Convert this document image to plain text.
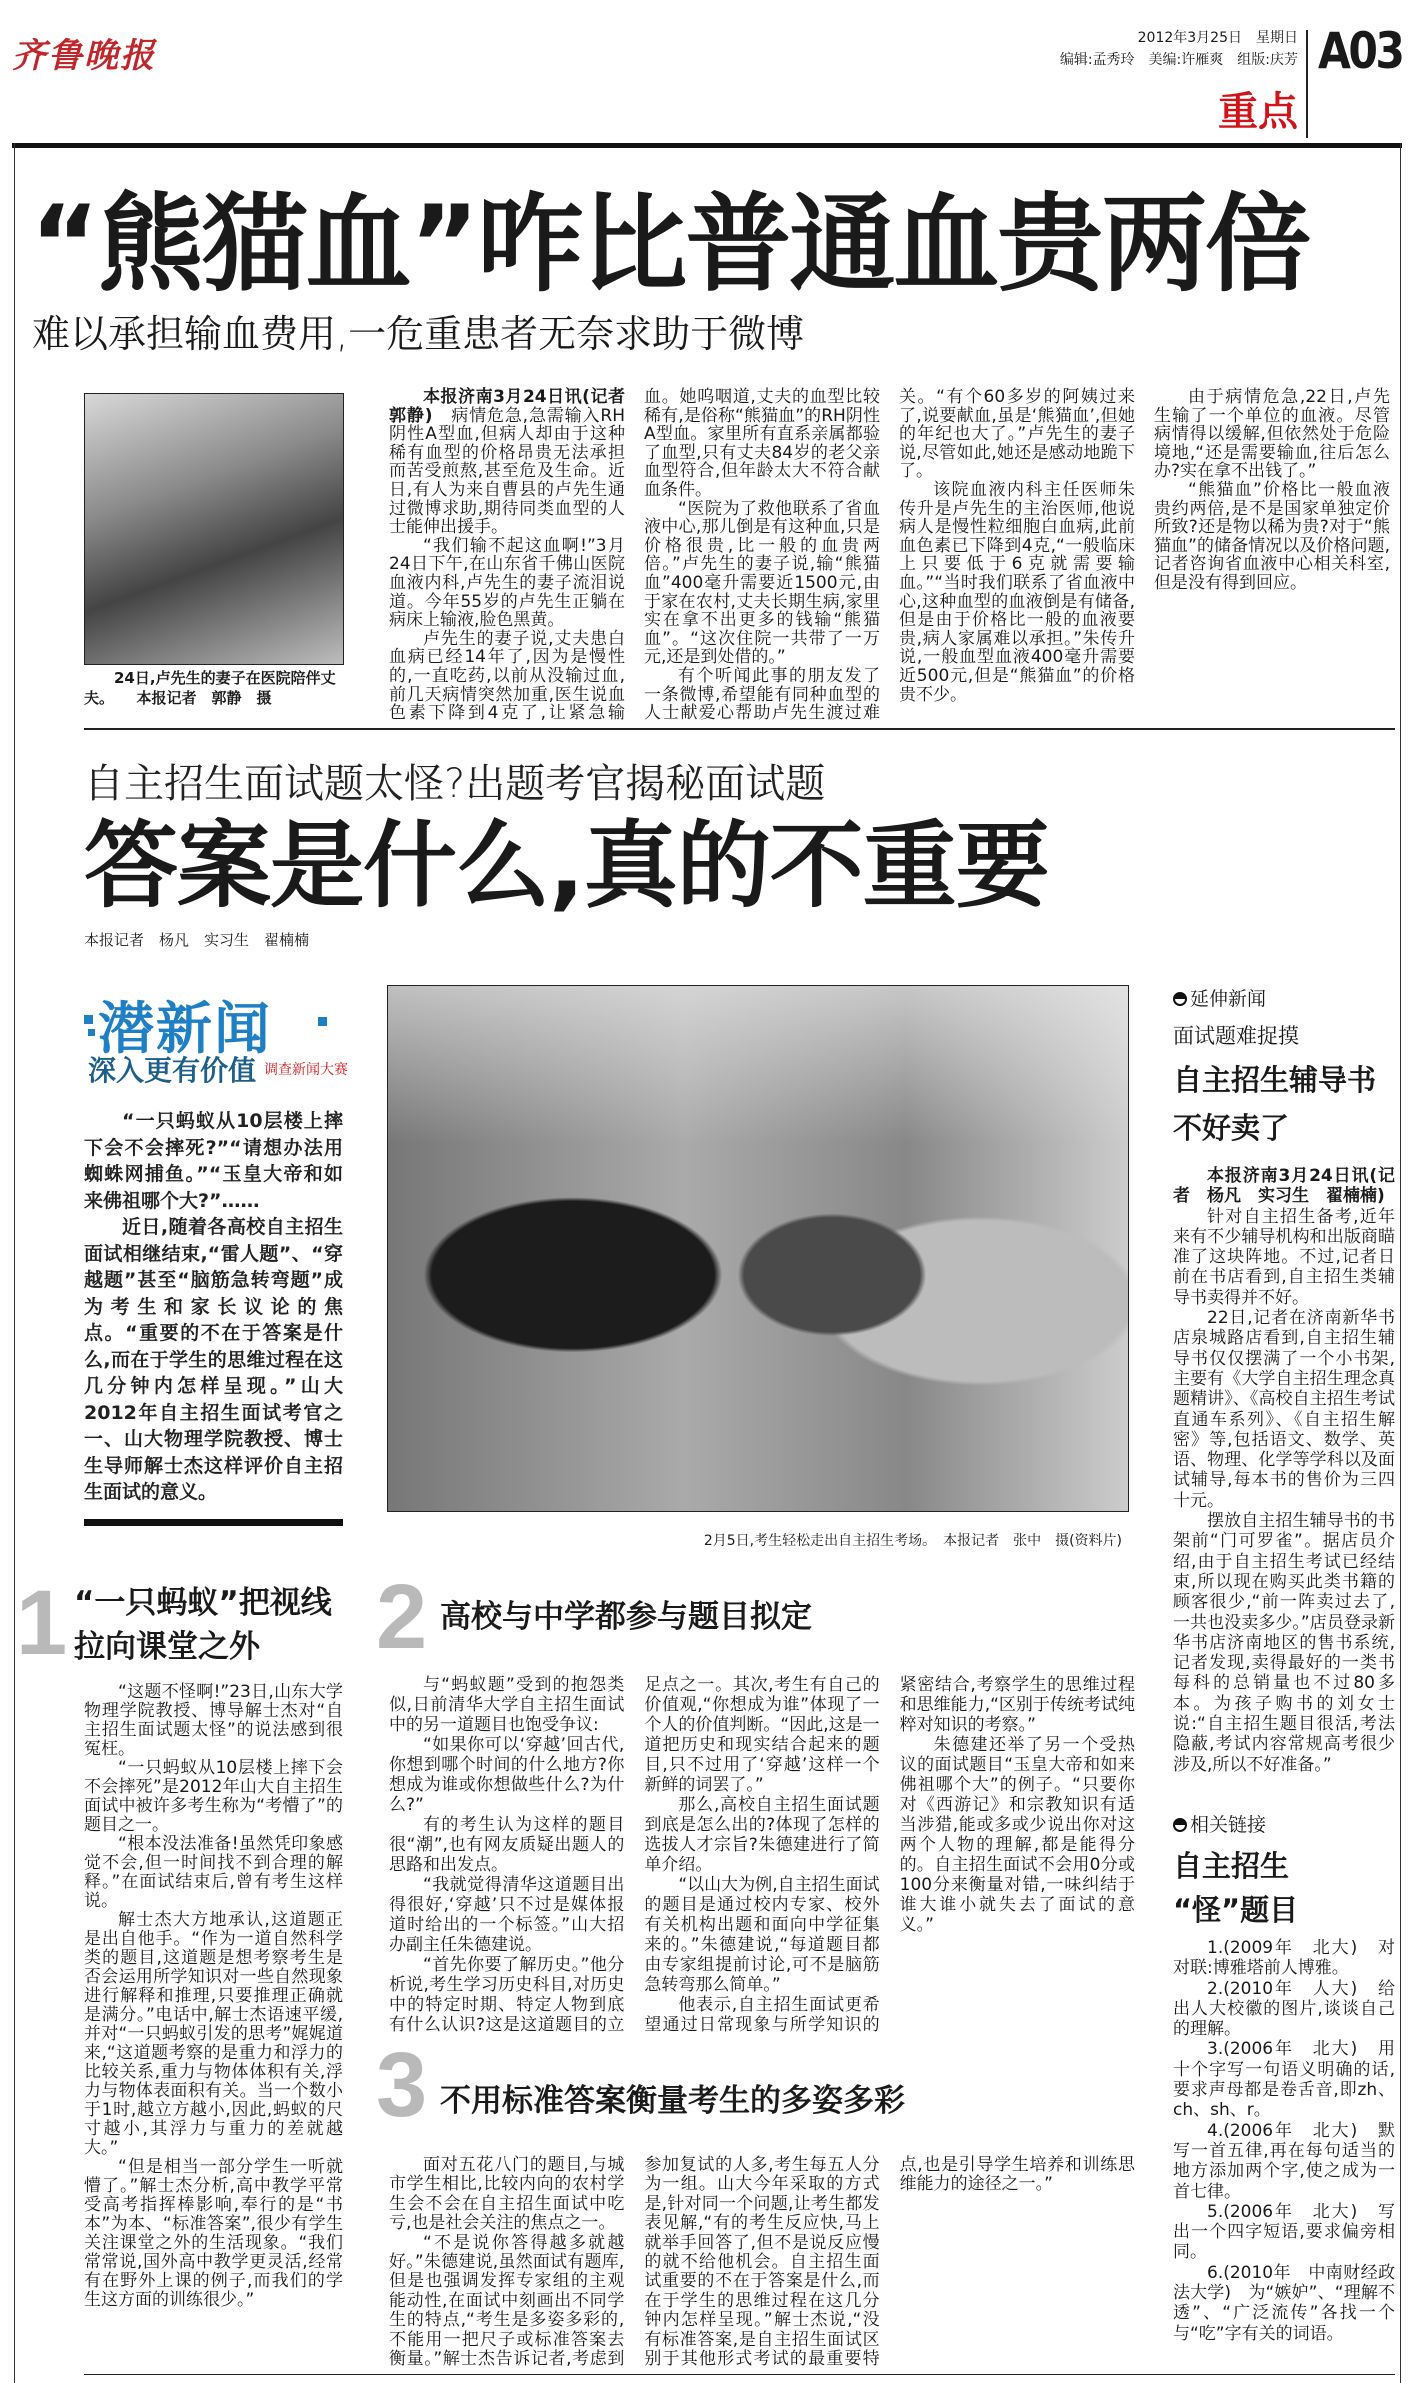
齐鲁晚报	2012年3月25日　星期日
编辑:孟秀玲　美编:许雁爽　组版:庆芳
重点
A03
“熊猫血”咋比普通血贵两倍
难以承担输血费用,一危重患者无奈求助于微博
24日,卢先生的妻子在医院陪伴丈夫。　　本报记者　郭静　摄

本报济南3月24日讯(记者　郭静)　病情危急,急需输入RH阴性A型血,但病人却由于这种稀有血型的价格昂贵无法承担而苦受煎熬,甚至危及生命。近日,有人为来自曹县的卢先生通过微博求助,期待同类血型的人士能伸出援手。

“我们输不起这血啊!”3月24日下午,在山东省千佛山医院血液内科,卢先生的妻子流泪说道。今年55岁的卢先生正躺在病床上输液,脸色黑黄。

卢先生的妻子说,丈夫患白血病已经14年了,因为是慢性的,一直吃药,以前从没输过血,前几天病情突然加重,医生说血色素下降到4克了,让紧急输血。她呜咽道,丈夫的血型比较稀有,是俗称“熊猫血”的RH阴性A型血。家里所有直系亲属都验了血型,只有丈夫84岁的老父亲血型符合,但年龄太大不符合献血条件。

“医院为了救他联系了省血液中心,那儿倒是有这种血,只是价格很贵,比一般的血贵两倍。”卢先生的妻子说,输“熊猫血”400毫升需要近1500元,由于家在农村,丈夫长期生病,家里实在拿不出更多的钱输“熊猫血”。“这次住院一共带了一万元,还是到处借的。”

有个听闻此事的朋友发了一条微博,希望能有同种血型的人士献爱心帮助卢先生渡过难关。“有个60多岁的阿姨过来了,说要献血,虽是‘熊猫血’,但她的年纪也大了。”卢先生的妻子说,尽管如此,她还是感动地跪下了。

该院血液内科主任医师朱传升是卢先生的主治医师,他说病人是慢性粒细胞白血病,此前血色素已下降到4克,“一般临床上只要低于6克就需要输血。”“当时我们联系了省血液中心,这种血型的血液倒是有储备,但是由于价格比一般的血液要贵,病人家属难以承担。”朱传升说,一般血型血液400毫升需要近500元,但是“熊猫血”的价格贵不少。

由于病情危急,22日,卢先生输了一个单位的血液。尽管病情得以缓解,但依然处于危险境地,“还是需要输血,往后怎么办?实在拿不出钱了。”

“熊猫血”价格比一般血液贵约两倍,是不是国家单独定价所致?还是物以稀为贵?对于“熊猫血”的储备情况以及价格问题,记者咨询省血液中心相关科室,但是没有得到回应。

自主招生面试题太怪?出题考官揭秘面试题
答案是什么,真的不重要
本报记者　杨凡　实习生　翟楠楠
潜新闻
深入更有价值 调查新闻大赛

“一只蚂蚁从10层楼上摔下会不会摔死?”“请想办法用蜘蛛网捕鱼。”“玉皇大帝和如来佛祖哪个大?”……

近日,随着各高校自主招生面试相继结束,“雷人题”、“穿越题”甚至“脑筋急转弯题”成为考生和家长议论的焦点。“重要的不在于答案是什么,而在于学生的思维过程在这几分钟内怎样呈现。”山大2012年自主招生面试考官之一、山大物理学院教授、博士生导师解士杰这样评价自主招生面试的意义。

2月5日,考生轻松走出自主招生考场。　本报记者　张中　摄(资料片)
延伸新闻
面试题难捉摸
自主招生辅导书
不好卖了

本报济南3月24日讯(记者　杨凡　实习生　翟楠楠)

针对自主招生备考,近年来有不少辅导机构和出版商瞄准了这块阵地。不过,记者日前在书店看到,自主招生类辅导书卖得并不好。

22日,记者在济南新华书店泉城路店看到,自主招生辅导书仅仅摆满了一个小书架,主要有《大学自主招生理念真题精讲》、《高校自主招生考试直通车系列》、《自主招生解密》等,包括语文、数学、英语、物理、化学等学科以及面试辅导,每本书的售价为三四十元。

摆放自主招生辅导书的书架前“门可罗雀”。据店员介绍,由于自主招生考试已经结束,所以现在购买此类书籍的顾客很少,“前一阵卖过去了,一共也没卖多少。”店员登录新华书店济南地区的售书系统,记者发现,卖得最好的一类书每科的总销量也不过80多本。为孩子购书的刘女士说:“自主招生题目很活,考法隐蔽,考试内容常规高考很少涉及,所以不好准备。”

相关链接
自主招生
“怪”题目

1.(2009年　北大)　对对联:博雅塔前人博雅。

2.(2010年　人大)　给出人大校徽的图片,谈谈自己的理解。

3.(2006年　北大)　用十个字写一句语义明确的话,要求声母都是卷舌音,即zh、ch、sh、r。

4.(2006年　北大)　默写一首五律,再在每句适当的地方添加两个字,使之成为一首七律。

5.(2006年　北大)　写出一个四字短语,要求偏旁相同。

6.(2010年　中南财经政法大学)　为“嫉妒”、“理解不透”、“广泛流传”各找一个与“吃”字有关的词语。

1 “一只蚂蚁”把视线
拉向课堂之外

“这题不怪啊!”23日,山东大学物理学院教授、博导解士杰对“自主招生面试题太怪”的说法感到很冤枉。

“一只蚂蚁从10层楼上摔下会不会摔死”是2012年山大自主招生面试中被许多考生称为“考懵了”的题目之一。

“根本没法准备!虽然凭印象感觉不会,但一时间找不到合理的解释。”在面试结束后,曾有考生这样说。

解士杰大方地承认,这道题正是出自他手。“作为一道自然科学类的题目,这道题是想考察考生是否会运用所学知识对一些自然现象进行解释和推理,只要推理正确就是满分。”电话中,解士杰语速平缓,并对“一只蚂蚁引发的思考”娓娓道来,“这道题考察的是重力和浮力的比较关系,重力与物体体积有关,浮力与物体表面积有关。当一个数小于1时,越立方越小,因此,蚂蚁的尺寸越小,其浮力与重力的差就越大。”

“但是相当一部分学生一听就懵了。”解士杰分析,高中教学平常受高考指挥棒影响,奉行的是“书本”为本、“标准答案”,很少有学生关注课堂之外的生活现象。“我们常常说,国外高中教学更灵活,经常有在野外上课的例子,而我们的学生这方面的训练很少。”

2 高校与中学都参与题目拟定

与“蚂蚁题”受到的抱怨类似,日前清华大学自主招生面试中的另一道题目也饱受争议:

“如果你可以‘穿越’回古代,你想到哪个时间的什么地方?你想成为谁或你想做些什么?为什么?”

有的考生认为这样的题目很“潮”,也有网友质疑出题人的思路和出发点。

“我就觉得清华这道题目出得很好,‘穿越’只不过是媒体报道时给出的一个标签。”山大招办副主任朱德建说。

“首先你要了解历史。”他分析说,考生学习历史科目,对历史中的特定时期、特定人物到底有什么认识?这是这道题目的立足点之一。其次,考生有自己的价值观,“你想成为谁”体现了一个人的价值判断。“因此,这是一道把历史和现实结合起来的题目,只不过用了‘穿越’这样一个新鲜的词罢了。”

那么,高校自主招生面试题到底是怎么出的?体现了怎样的选拔人才宗旨?朱德建进行了简单介绍。

“以山大为例,自主招生面试的题目是通过校内专家、校外有关机构出题和面向中学征集来的。”朱德建说,“每道题目都由专家组提前讨论,可不是脑筋急转弯那么简单。”

他表示,自主招生面试更希望通过日常现象与所学知识的紧密结合,考察学生的思维过程和思维能力,“区别于传统考试纯粹对知识的考察。”

朱德建还举了另一个受热议的面试题目“玉皇大帝和如来佛祖哪个大”的例子。“只要你对《西游记》和宗教知识有适当涉猎,能或多或少说出你对这两个人物的理解,都是能得分的。自主招生面试不会用0分或100分来衡量对错,一味纠结于谁大谁小就失去了面试的意义。”

3 不用标准答案衡量考生的多姿多彩

面对五花八门的题目,与城市学生相比,比较内向的农村学生会不会在自主招生面试中吃亏,也是社会关注的焦点之一。

“不是说你答得越多就越好。”朱德建说,虽然面试有题库,但是也强调发挥专家组的主观能动性,在面试中刻画出不同学生的特点,“考生是多姿多彩的,不能用一把尺子或标准答案去衡量。”解士杰告诉记者,考虑到参加复试的人多,考生每五人分为一组。山大今年采取的方式是,针对同一个问题,让考生都发表见解,“有的考生反应快,马上就举手回答了,但不是说反应慢的就不给他机会。自主招生面试重要的不在于答案是什么,而在于学生的思维过程在这几分钟内怎样呈现。”解士杰说,“没有标准答案,是自主招生面试区别于其他形式考试的最重要特点,也是引导学生培养和训练思维能力的途径之一。”
